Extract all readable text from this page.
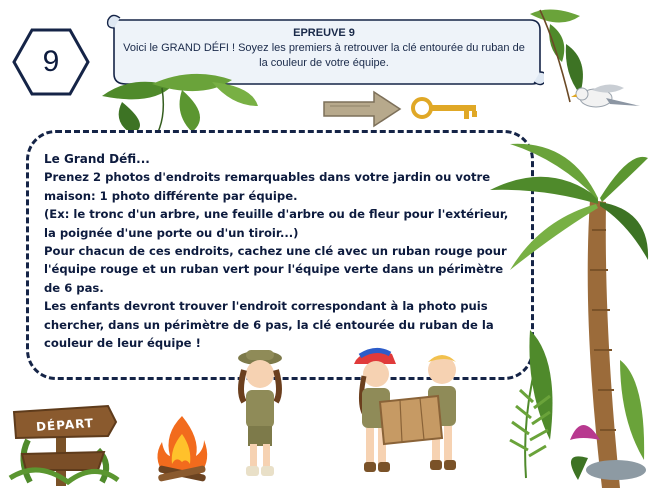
9
EPREUVE 9
Voici le GRAND DÉFI ! Soyez les premiers à retrouver la clé entourée du ruban de la couleur de votre équipe.
Le Grand Défi...

Prenez 2 photos d'endroits remarquables dans votre jardin ou votre maison: 1 photo différente par équipe.

(Ex: le tronc d'un arbre, une feuille d'arbre ou de fleur pour l'extérieur, la poignée d'une porte ou d'un tiroir...)

Pour chacun de ces endroits, cachez une clé avec un ruban rouge pour l'équipe rouge et un ruban vert pour l'équipe verte dans un périmètre de 6 pas.

Les enfants devront trouver l'endroit correspondant à la photo puis chercher, dans un périmètre de 6 pas, la clé entourée du ruban de la couleur de leur équipe !

DÉPART
